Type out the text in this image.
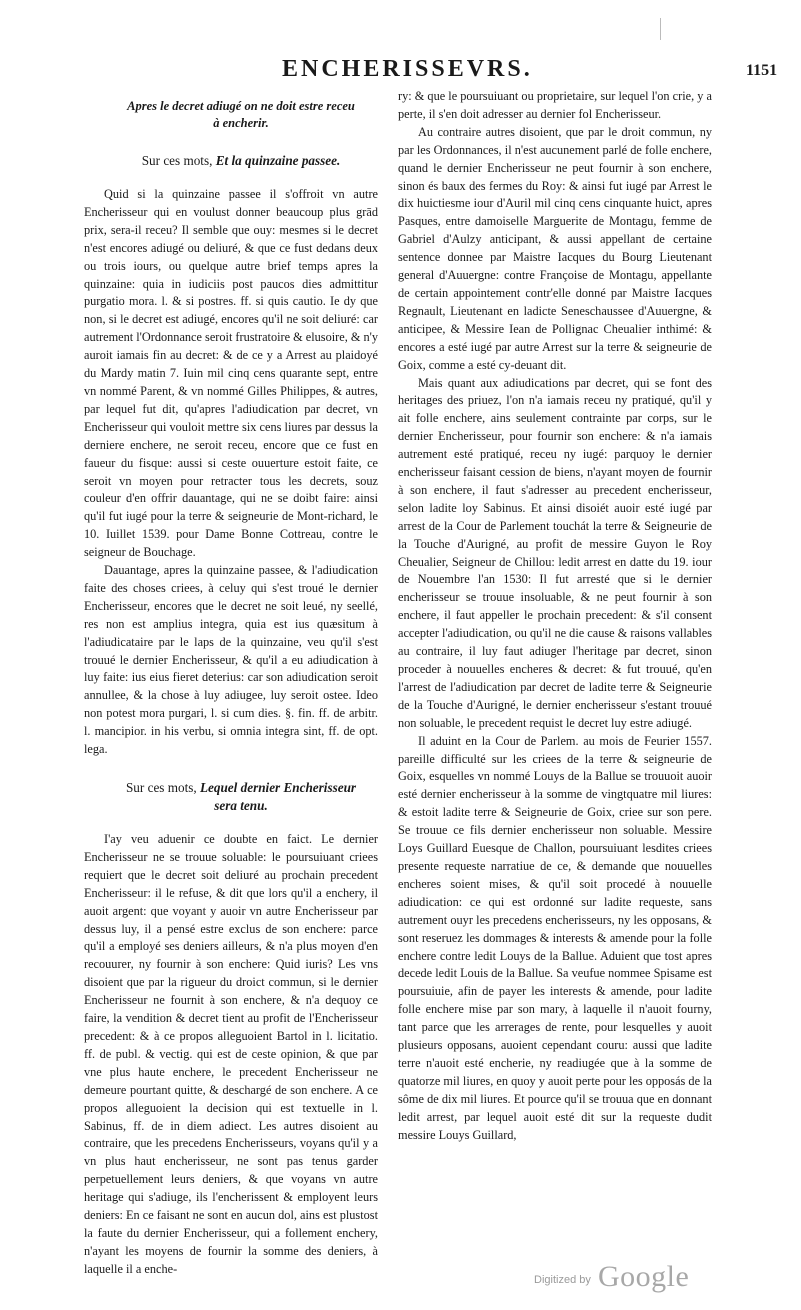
ENCHERISSEVRS.	1151

Apres le decret adiugé on ne doit estre receu

à encherir.

Sur ces mots, Et la quinzaine passee.

Quid si la quinzaine passee il s'offroit vn autre Encherisseur qui en voulust donner beaucoup plus grād prix, sera-il receu? Il semble que ouy: mesmes si le decret n'est encores adiugé ou deliuré, & que ce fust dedans deux ou trois iours, ou quelque autre brief temps apres la quinzaine: quia in iudiciis post paucos dies admittitur purgatio mora. l. & si postres. ff. si quis cautio. Ie dy que non, si le decret est adiugé, encores qu'il ne soit deliuré: car autrement l'Ordonnance seroit frustratoire & elusoire, & n'y auroit iamais fin au decret: & de ce y a Arrest au plaidoyé du Mardy matin 7. Iuin mil cinq cens quarante sept, entre vn nommé Parent, & vn nommé Gilles Philippes, & autres, par lequel fut dit, qu'apres l'adiudication par decret, vn Encherisseur qui vouloit mettre six cens liures par dessus la derniere enchere, ne seroit receu, encore que ce fust en faueur du fisque: aussi si ceste ouuerture estoit faite, ce seroit vn moyen pour retracter tous les decrets, souz couleur d'en offrir dauantage, qui ne se doibt faire: ainsi qu'il fut iugé pour la terre & seigneurie de Mont-richard, le 10. Iuillet 1539. pour Dame Bonne Cottreau, contre le seigneur de Bouchage.

Dauantage, apres la quinzaine passee, & l'adiudication faite des choses criees, à celuy qui s'est troué le dernier Encherisseur, encores que le decret ne soit leué, ny seellé, res non est amplius integra, quia est ius quæsitum à l'adiudicataire par le laps de la quinzaine, veu qu'il s'est trouué le dernier Encherisseur, & qu'il a eu adiudication à luy faite: ius eius fieret deterius: car son adiudication seroit annullee, & la chose à luy adiugee, luy seroit ostee. Ideo non potest mora purgari, l. si cum dies. §. fin. ff. de arbitr. l. mancipior. in his verbu, si omnia integra sint, ff. de opt. lega.

Sur ces mots, Lequel dernier Encherisseur

sera tenu.

I'ay veu aduenir ce doubte en faict. Le dernier Encherisseur ne se trouue soluable: le poursuiuant criees requiert que le decret soit deliuré au prochain precedent Encherisseur: il le refuse, & dit que lors qu'il a enchery, il auoit argent: que voyant y auoir vn autre Encherisseur par dessus luy, il a pensé estre exclus de son enchere: parce qu'il a employé ses deniers ailleurs, & n'a plus moyen d'en recouurer, ny fournir à son enchere: Quid iuris? Les vns disoient que par la rigueur du droict commun, si le dernier Encherisseur ne fournit à son enchere, & n'a dequoy ce faire, la vendition & decret tient au profit de l'Encherisseur precedent: & à ce propos alleguoient Bartol in l. licitatio. ff. de publ. & vectig. qui est de ceste opinion, & que par vne plus haute enchere, le precedent Encherisseur ne demeure pourtant quitte, & deschargé de son enchere. A ce propos alleguoient la decision qui est textuelle in l. Sabinus, ff. de in diem adiect. Les autres disoient au contraire, que les precedens Encherisseurs, voyans qu'il y a vn plus haut encherisseur, ne sont pas tenus garder perpetuellement leurs deniers, & que voyans vn autre heritage qui s'adiuge, ils l'encherissent & employent leurs deniers: En ce faisant ne sont en aucun dol, ains est plustost la faute du dernier Encherisseur, qui a follement enchery, n'ayant les moyens de fournir la somme des deniers, à laquelle il a enche-

ry: & que le poursuiuant ou proprietaire, sur lequel l'on crie, y a perte, il s'en doit adresser au dernier fol Encherisseur.

Au contraire autres disoient, que par le droit commun, ny par les Ordonnances, il n'est aucunement parlé de folle enchere, quand le dernier Encherisseur ne peut fournir à son enchere, sinon és baux des fermes du Roy: & ainsi fut iugé par Arrest le dix huictiesme iour d'Auril mil cinq cens cinquante huict, apres Pasques, entre damoiselle Marguerite de Montagu, femme de Gabriel d'Aulzy anticipant, & aussi appellant de certaine sentence donnee par Maistre Iacques du Bourg Lieutenant general d'Auuergne: contre Françoise de Montagu, appellante de certain appointement contr'elle donné par Maistre Iacques Regnault, Lieutenant en ladicte Seneschaussee d'Auuergne, & anticipee, & Messire Iean de Pollignac Cheualier inthimé: & encores a esté iugé par autre Arrest sur la terre & seigneurie de Goix, comme a esté cy-deuant dit.

Mais quant aux adiudications par decret, qui se font des heritages des priuez, l'on n'a iamais receu ny pratiqué, qu'il y ait folle enchere, ains seulement contrainte par corps, sur le dernier Encherisseur, pour fournir son enchere: & n'a iamais autrement esté pratiqué, receu ny iugé: parquoy le dernier encherisseur faisant cession de biens, n'ayant moyen de fournir à son enchere, il faut s'adresser au precedent encherisseur, selon ladite loy Sabinus. Et ainsi disoiét auoir esté iugé par arrest de la Cour de Parlement touchát la terre & Seigneurie de la Touche d'Aurigné, au profit de messire Guyon le Roy Cheualier, Seigneur de Chillou: ledit arrest en datte du 19. iour de Nouembre l'an 1530: Il fut arresté que si le dernier encherisseur se trouue insoluable, & ne peut fournir à son enchere, il faut appeller le prochain precedent: & s'il consent accepter l'adiudication, ou qu'il ne die cause & raisons vallables au contraire, il luy faut adiuger l'heritage par decret, sinon proceder à nouuelles encheres & decret: & fut trouué, qu'en l'arrest de l'adiudication par decret de ladite terre & Seigneurie de la Touche d'Aurigné, le dernier encherisseur s'estant trouué non soluable, le precedent requist le decret luy estre adiugé.

Il aduint en la Cour de Parlem. au mois de Feurier 1557. pareille difficulté sur les criees de la terre & seigneurie de Goix, esquelles vn nommé Louys de la Ballue se trouuoit auoir esté dernier encherisseur à la somme de vingtquatre mil liures: & estoit ladite terre & Seigneurie de Goix, criee sur son pere. Se trouue ce fils dernier encherisseur non soluable. Messire Loys Guillard Euesque de Challon, poursuiuant lesdites criees presente requeste narratiue de ce, & demande que nouuelles encheres soient mises, & qu'il soit procedé à nouuelle adiudication: ce qui est ordonné sur ladite requeste, sans autrement ouyr les precedens encherisseurs, ny les opposans, & sont reseruez les dommages & interests & amende pour la folle enchere contre ledit Louys de la Ballue. Aduient que tost apres decede ledit Louis de la Ballue. Sa veufue nommee Spisame est poursuiuie, afin de payer les interests & amende, pour ladite folle enchere mise par son mary, à laquelle il n'auoit fourny, tant parce que les arrerages de rente, pour lesquelles y auoit plusieurs opposans, auoient cependant couru: aussi que ladite terre n'auoit esté encherie, ny readiugée que à la somme de quatorze mil liures, en quoy y auoit perte pour les opposás de la sôme de dix mil liures. Et pource qu'il se trouua que en donnant ledit arrest, par lequel auoit esté dit sur la requeste dudit messire Louys Guillard,

Digitized by Google
